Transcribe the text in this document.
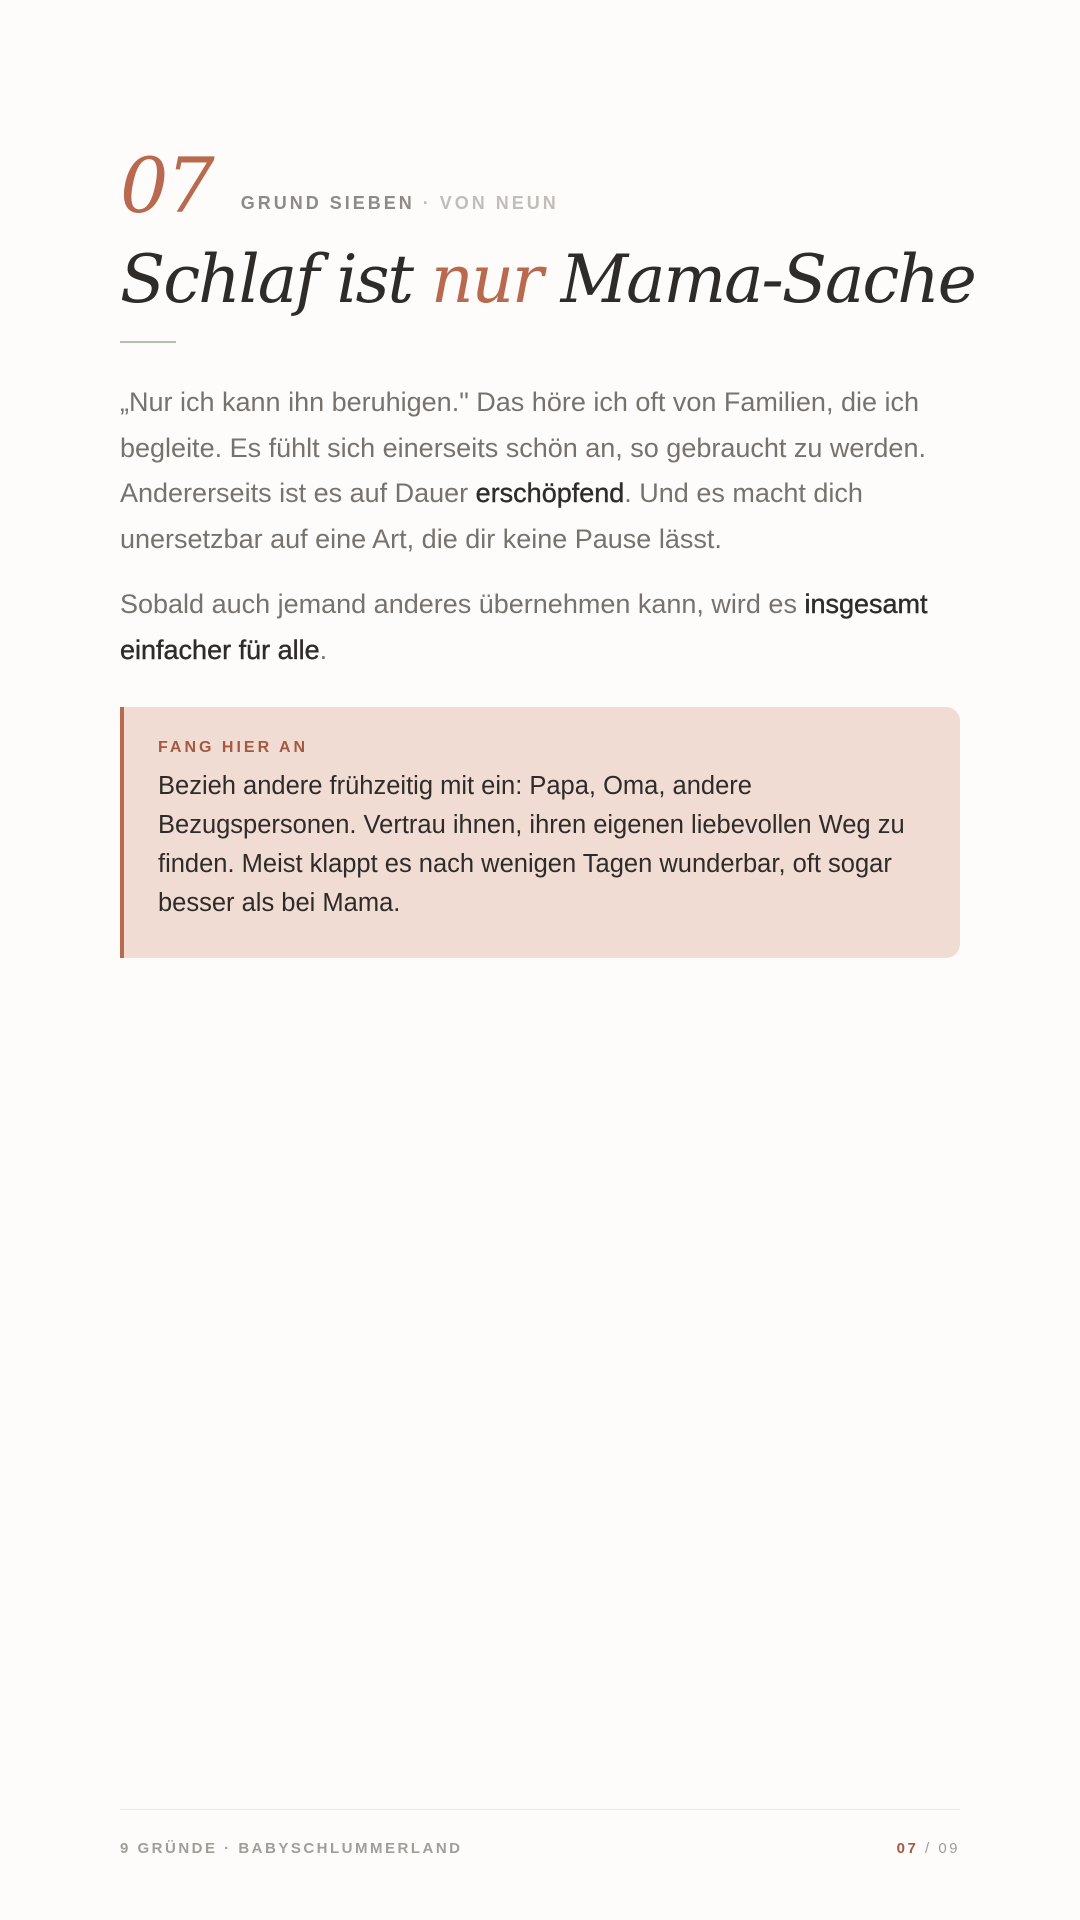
07 GRUND SIEBEN · VON NEUN
Schlaf ist nur Mama-Sache

„Nur ich kann ihn beruhigen." Das höre ich oft von Familien, die ich begleite. Es fühlt sich einerseits schön an, so gebraucht zu werden. Andererseits ist es auf Dauer erschöpfend. Und es macht dich unersetzbar auf eine Art, die dir keine Pause lässt.

Sobald auch jemand anderes übernehmen kann, wird es insgesamt einfacher für alle.

FANG HIER AN
Bezieh andere frühzeitig mit ein: Papa, Oma, andere Bezugspersonen. Vertrau ihnen, ihren eigenen liebevollen Weg zu finden. Meist klappt es nach wenigen Tagen wunderbar, oft sogar besser als bei Mama.
9 GRÜNDE · BABYSCHLUMMERLAND	07 / 09
